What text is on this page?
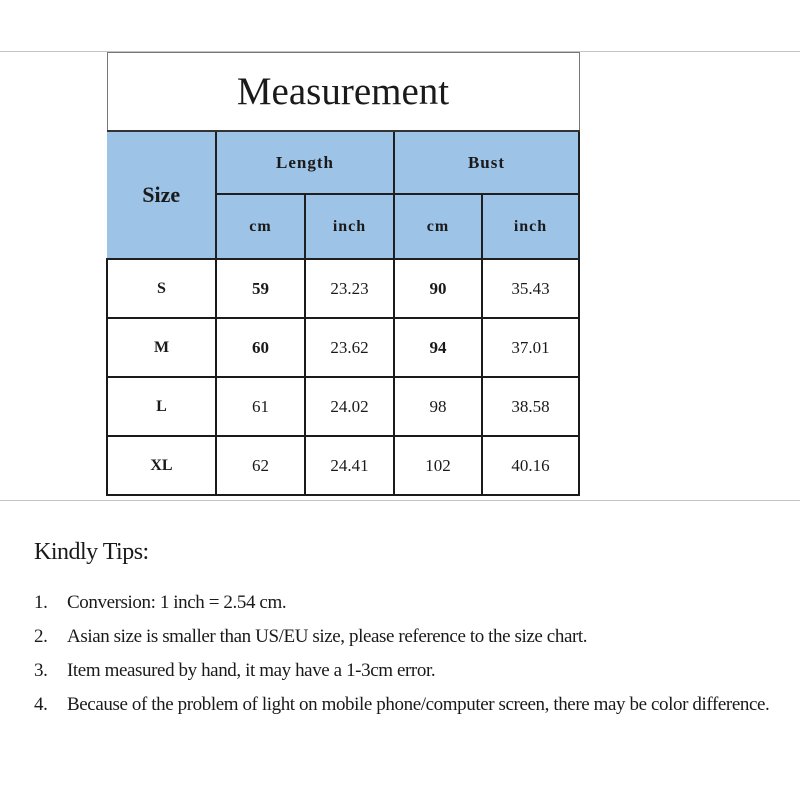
Measurement				
Size	Length		Bust	
	cm	inch	cm	inch
S	59	23.23	90	35.43
M	60	23.62	94	37.01
L	61	24.02	98	38.58
XL	62	24.41	102	40.16
Kindly Tips:
1.	Conversion: 1 inch = 2.54 cm.
2.	Asian size is smaller than US/EU size, please reference to the size chart.
3.	Item measured by hand, it may have a 1-3cm error.
4.	Because of the problem of light on mobile phone/computer screen, there may be color difference.
